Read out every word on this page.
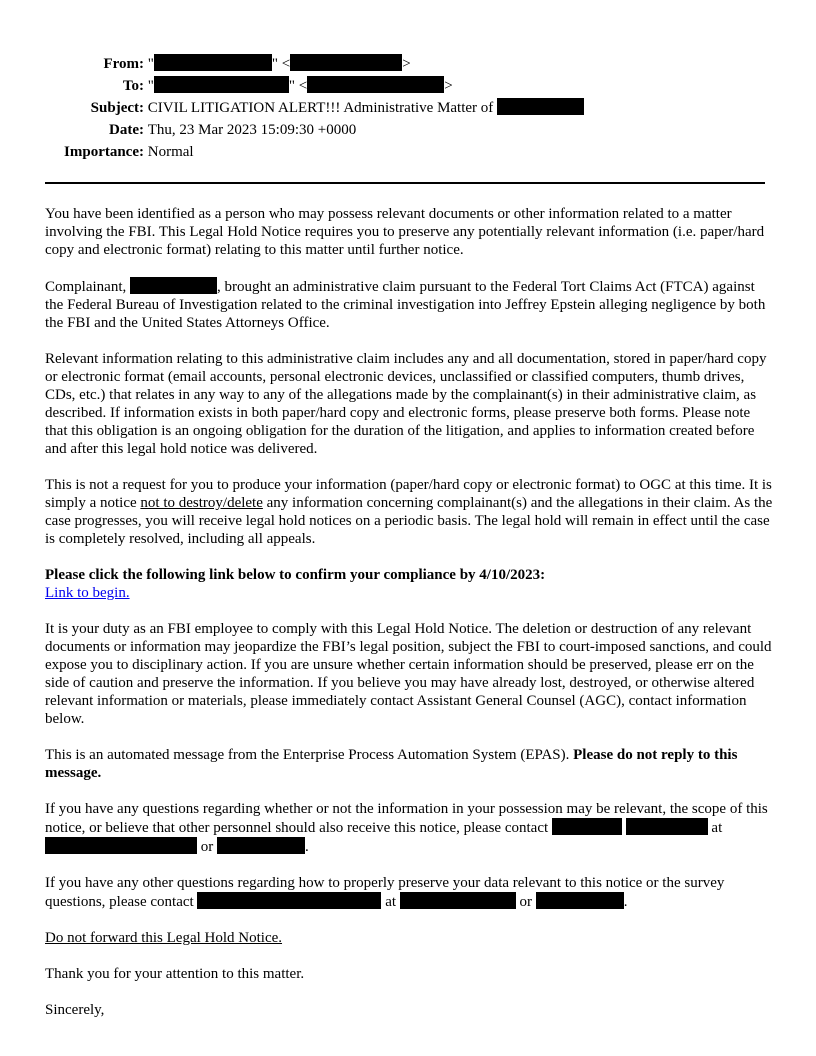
From: "	" <	>
To: "	" <	>
Subject: CIVIL LITIGATION ALERT!!! Administrative Matter of
Date: Thu, 23 Mar 2023 15:09:30 +0000
Importance: Normal

You have been identified as a person who may possess relevant documents or other information related to a matter involving the FBI. This Legal Hold Notice requires you to preserve any potentially relevant information (i.e. paper/hard copy and electronic format) relating to this matter until further notice.

Complainant,	, brought an administrative claim pursuant to the Federal Tort Claims Act (FTCA) against the Federal Bureau of Investigation related to the criminal investigation into Jeffrey Epstein alleging negligence by both the FBI and the United States Attorneys Office.

Relevant information relating to this administrative claim includes any and all documentation, stored in paper/hard copy or electronic format (email accounts, personal electronic devices, unclassified or classified computers, thumb drives, CDs, etc.) that relates in any way to any of the allegations made by the complainant(s) in their administrative claim, as described. If information exists in both paper/hard copy and electronic forms, please preserve both forms. Please note that this obligation is an ongoing obligation for the duration of the litigation, and applies to information created before and after this legal hold notice was delivered.

This is not a request for you to produce your information (paper/hard copy or electronic format) to OGC at this time. It is simply a notice not to destroy/delete any information concerning complainant(s) and the allegations in their claim. As the case progresses, you will receive legal hold notices on a periodic basis. The legal hold will remain in effect until the case is completely resolved, including all appeals.

Please click the following link below to confirm your compliance by 4/10/2023:
Link to begin.

It is your duty as an FBI employee to comply with this Legal Hold Notice. The deletion or destruction of any relevant documents or information may jeopardize the FBI’s legal position, subject the FBI to court-imposed sanctions, and could expose you to disciplinary action. If you are unsure whether certain information should be preserved, please err on the side of caution and preserve the information. If you believe you may have already lost, destroyed, or otherwise altered relevant information or materials, please immediately contact Assistant General Counsel (AGC), contact information below.

This is an automated message from the Enterprise Process Automation System (EPAS). Please do not reply to this message.

If you have any questions regarding whether or not the information in your possession may be relevant, the scope of this notice, or believe that other personnel should also receive this notice, please contact	at  or	.

If you have any other questions regarding how to properly preserve your data relevant to this notice or the survey questions, please contact	at	or	.

Do not forward this Legal Hold Notice.

Thank you for your attention to this matter.

Sincerely,
